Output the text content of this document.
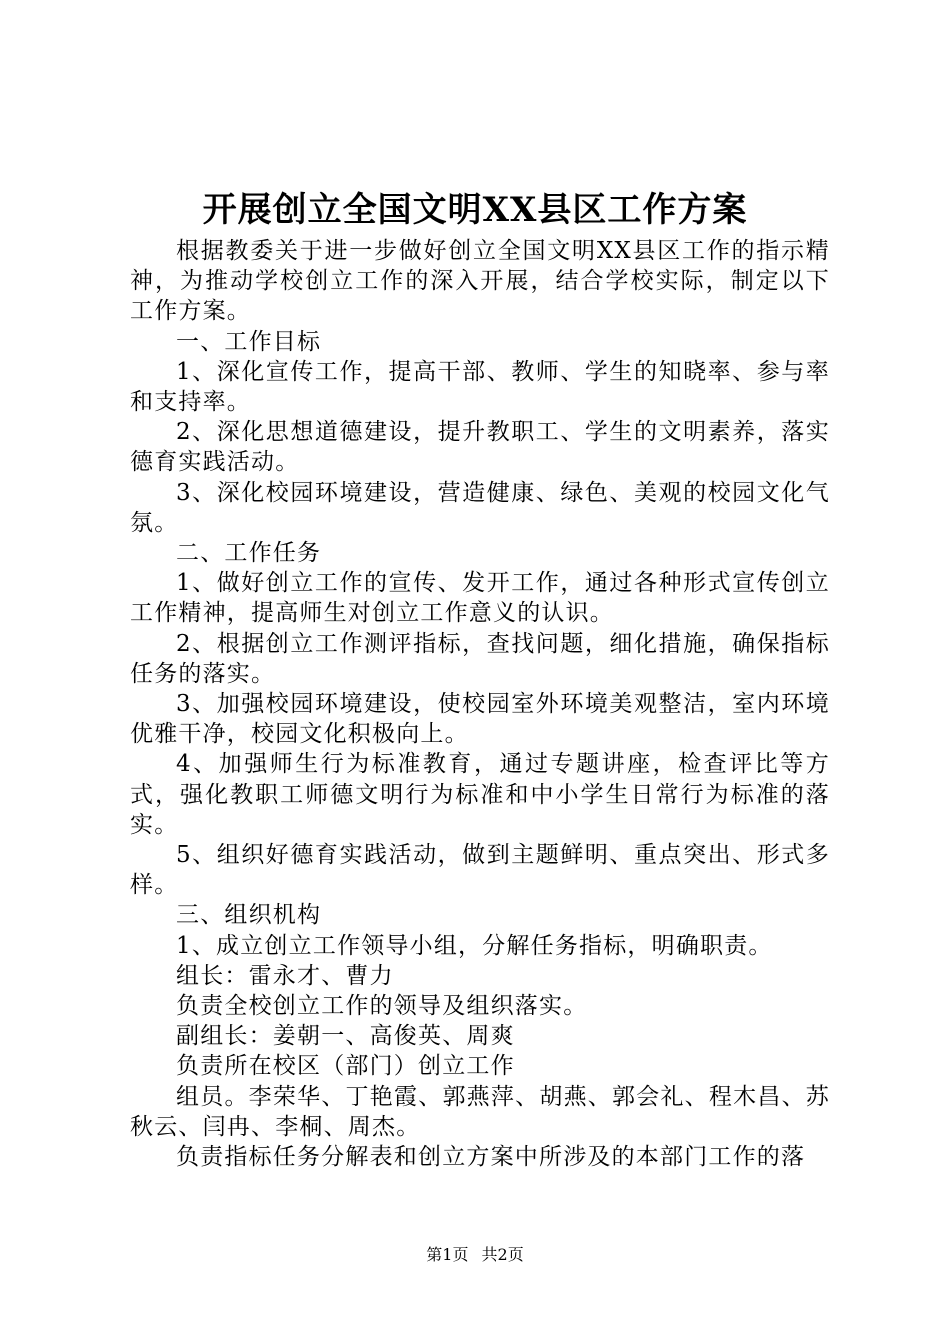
开展创立全国文明XX县区工作方案

根据教委关于进一步做好创立全国文明XX县区工作的指示精神，为推动学校创立工作的深入开展，结合学校实际，制定以下工作方案。

一、工作目标

1、深化宣传工作，提高干部、教师、学生的知晓率、参与率和支持率。

2、深化思想道德建设，提升教职工、学生的文明素养，落实德育实践活动。

3、深化校园环境建设，营造健康、绿色、美观的校园文化气氛。

二、工作任务

1、做好创立工作的宣传、发开工作，通过各种形式宣传创立工作精神，提高师生对创立工作意义的认识。

2、根据创立工作测评指标，查找问题，细化措施，确保指标任务的落实。

3、加强校园环境建设，使校园室外环境美观整洁，室内环境优雅干净，校园文化积极向上。

4、加强师生行为标准教育，通过专题讲座，检查评比等方式，强化教职工师德文明行为标准和中小学生日常行为标准的落实。

5、组织好德育实践活动，做到主题鲜明、重点突出、形式多样。

三、组织机构

1、成立创立工作领导小组，分解任务指标，明确职责。

组长：雷永才、曹力

负责全校创立工作的领导及组织落实。

副组长：姜朝一、高俊英、周爽

负责所在校区（部门）创立工作

组员。李荣华、丁艳霞、郭燕萍、胡燕、郭会礼、程木昌、苏秋云、闫冉、李桐、周杰。

负责指标任务分解表和创立方案中所涉及的本部门工作的落

第1页 共2页
